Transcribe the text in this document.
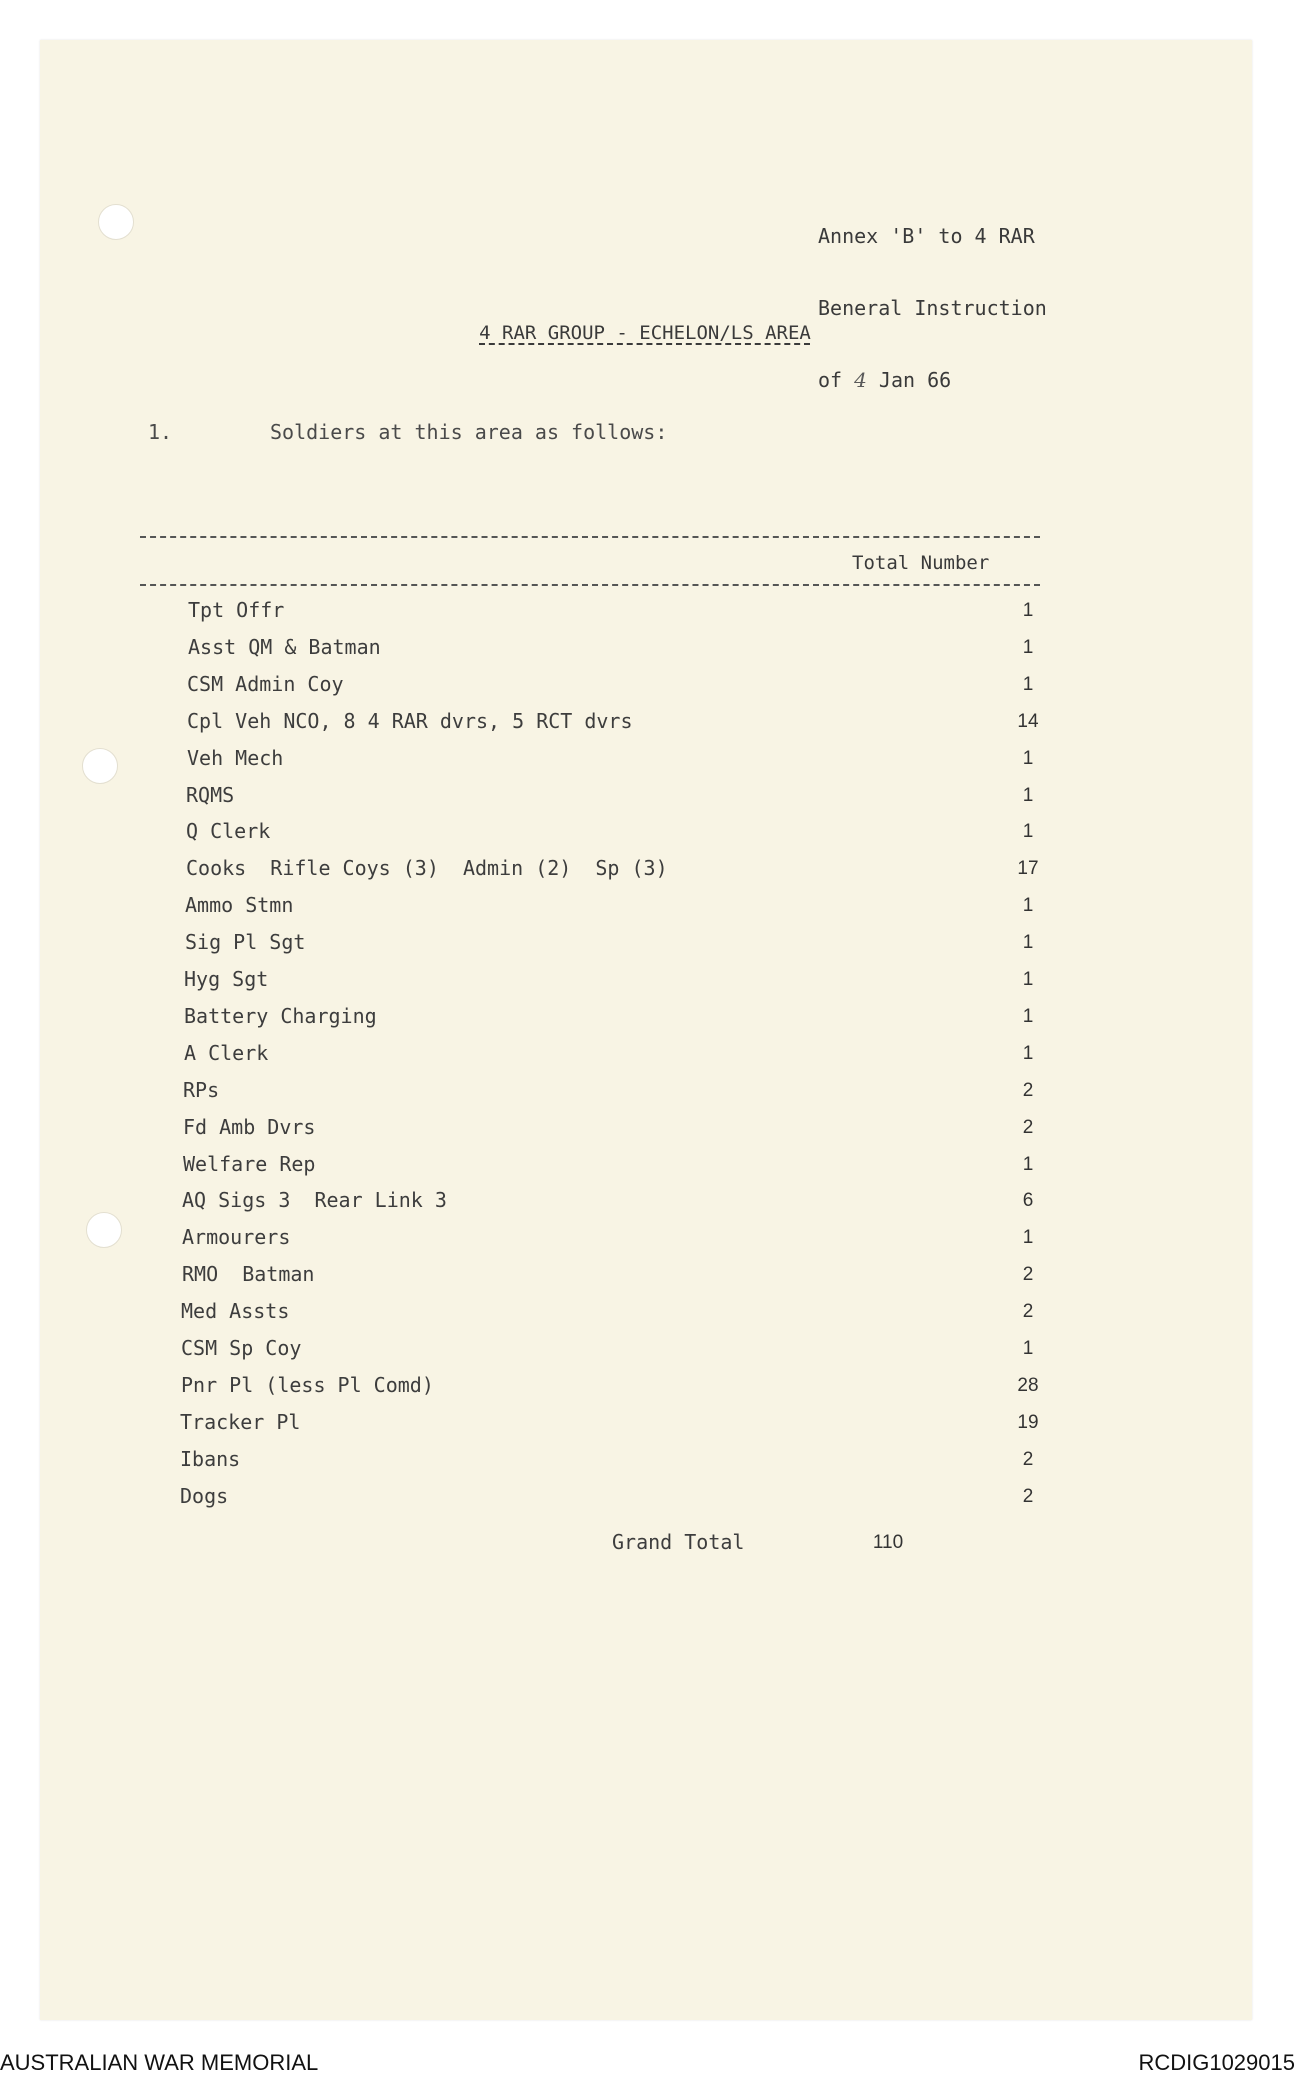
Annex 'B' to 4 RAR

Beneral Instruction

of 4 Jan 66

4 RAR GROUP - ECHELON/LS AREA
1.	Soldiers at this area as follows:
Total Number
Tpt Offr	1
Asst QM & Batman	1
CSM Admin Coy	1
Cpl Veh NCO, 8 4 RAR dvrs, 5 RCT dvrs	14
Veh Mech	1
RQMS	1
Q Clerk	1
Cooks  Rifle Coys (3)  Admin (2)  Sp (3)	17
Ammo Stmn	1
Sig Pl Sgt	1
Hyg Sgt	1
Battery Charging	1
A Clerk	1
RPs	2
Fd Amb Dvrs	2
Welfare Rep	1
AQ Sigs 3  Rear Link 3	6
Armourers	1
RMO  Batman	2
Med Assts	2
CSM Sp Coy	1
Pnr Pl (less Pl Comd)	28
Tracker Pl	19
Ibans	2
Dogs	2
Grand Total	110
AUSTRALIAN WAR MEMORIAL	RCDIG1029015
